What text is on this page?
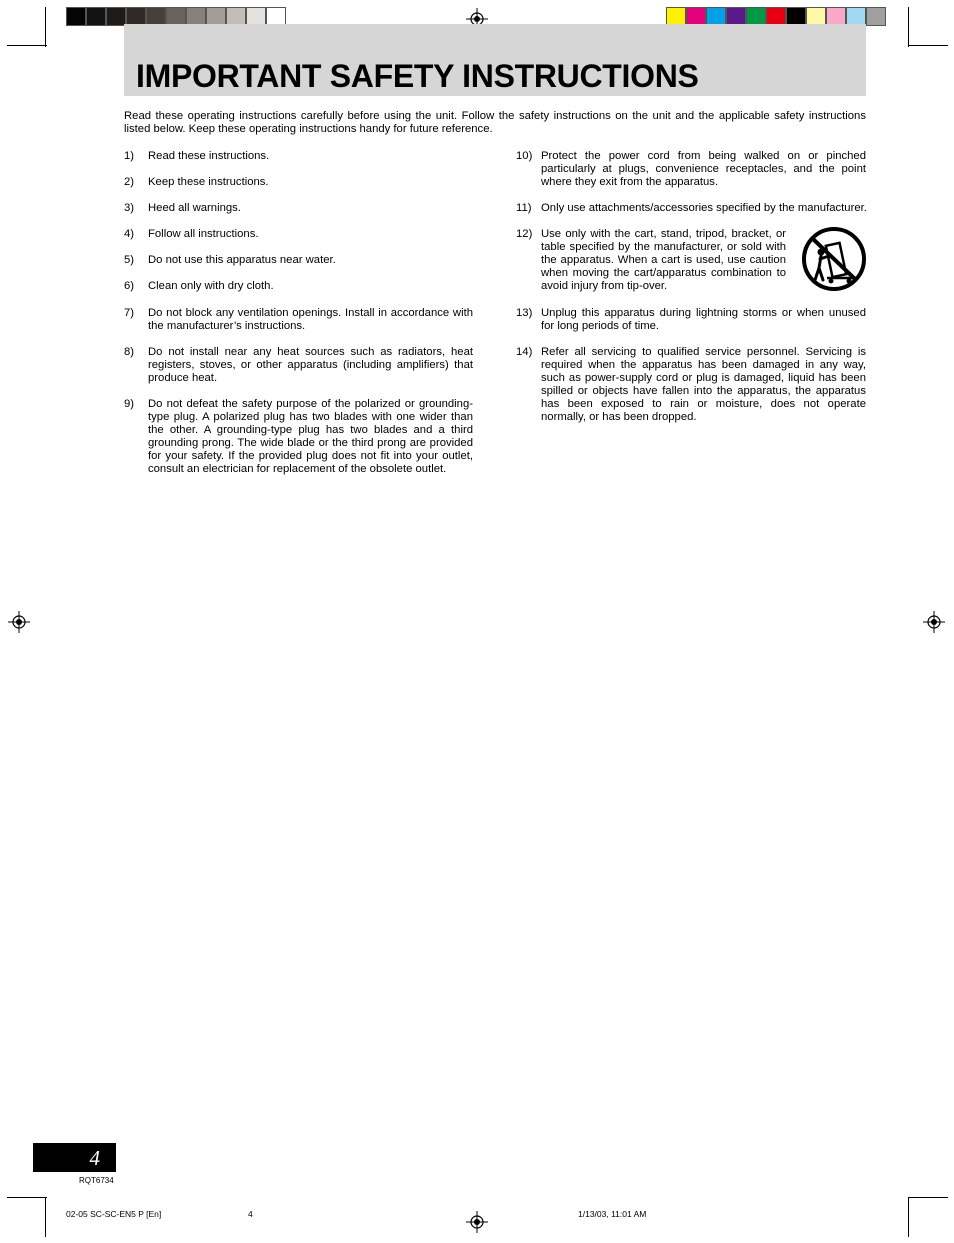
IMPORTANT SAFETY INSTRUCTIONS

Read these operating instructions carefully before using the unit. Follow the safety instructions on the unit and the applicable safety instructions listed below. Keep these operating instructions handy for future reference.

1) Read these instructions.
2) Keep these instructions.
3) Heed all warnings.
4) Follow all instructions.
5) Do not use this apparatus near water.
6) Clean only with dry cloth.
7) Do not block any ventilation openings. Install in accordance with the manufacturer’s instructions.
8) Do not install near any heat sources such as radiators, heat registers, stoves, or other apparatus (including amplifiers) that produce heat.
9) Do not defeat the safety purpose of the polarized or grounding-type plug. A polarized plug has two blades with one wider than the other. A grounding-type plug has two blades and a third grounding prong. The wide blade or the third prong are provided for your safety. If the provided plug does not fit into your outlet, consult an electrician for replacement of the obsolete outlet.
10) Protect the power cord from being walked on or pinched particularly at plugs, convenience receptacles, and the point where they exit from the apparatus.
11) Only use attachments/accessories specified by the manufacturer.
12) Use only with the cart, stand, tripod, bracket, or table specified by the manufacturer, or sold with the apparatus. When a cart is used, use caution when moving the cart/apparatus combination to avoid injury from tip-over.
13) Unplug this apparatus during lightning storms or when unused for long periods of time.
14) Refer all servicing to qualified service personnel. Servicing is required when the apparatus has been damaged in any way, such as power-supply cord or plug is damaged, liquid has been spilled or objects have fallen into the apparatus, the apparatus has been exposed to rain or moisture, does not operate normally, or has been dropped.
4
RQT6734
02-05 SC-SC-EN5 P [En]	4	1/13/03, 11:01 AM
